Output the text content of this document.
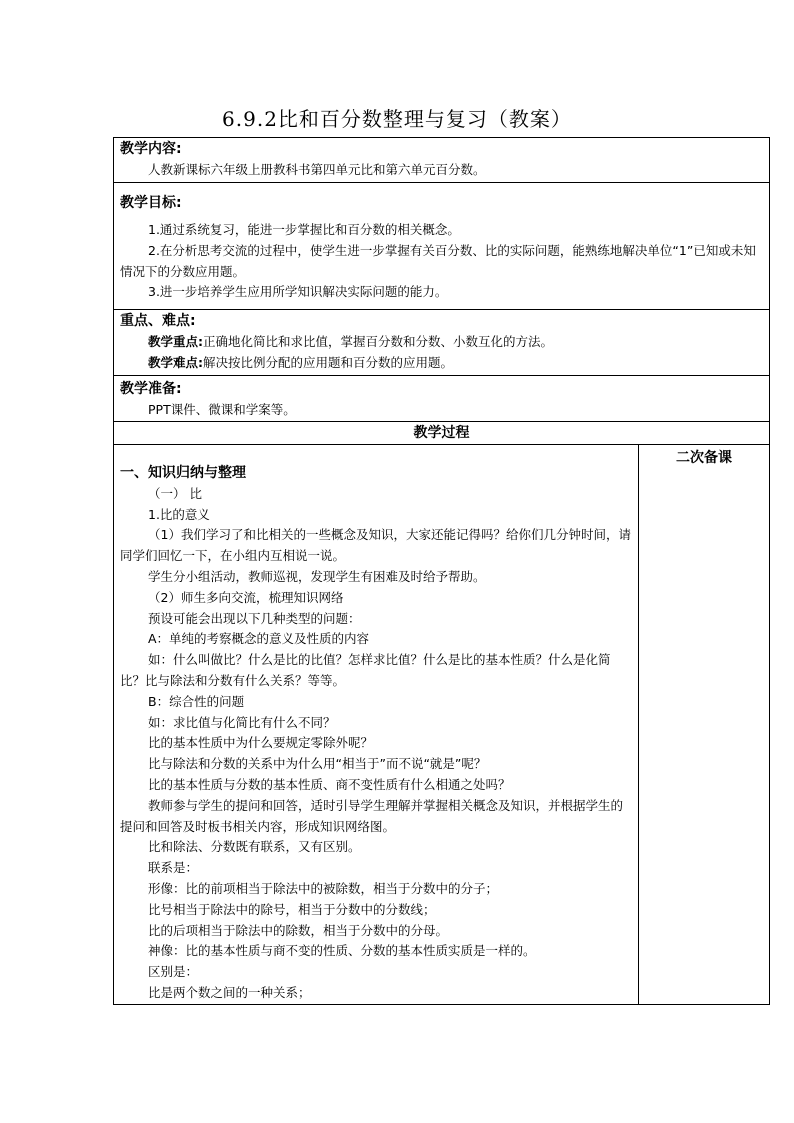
6.9.2比和百分数整理与复习（教案）
教学内容:
人教新课标六年级上册教科书第四单元比和第六单元百分数。

教学目标:

1.通过系统复习，能进一步掌握比和百分数的相关概念。

2.在分析思考交流的过程中，使学生进一步掌握有关百分数、比的实际问题，能熟练地解决单位“1”已知或未知情况下的分数应用题。

3.进一步培养学生应用所学知识解决实际问题的能力。

重点、难点:
教学重点:正确地化简比和求比值，掌握百分数和分数、小数互化的方法。
教学难点:解决按比例分配的应用题和百分数的应用题。

教学准备:
PPT课件、微课和学案等。

教学过程

一、知识归纳与整理
（一） 比

1.比的意义

（1）我们学习了和比相关的一些概念及知识，大家还能记得吗？给你们几分钟时间，请同学们回忆一下，在小组内互相说一说。

学生分小组活动，教师巡视，发现学生有困难及时给予帮助。

（2）师生多向交流，梳理知识网络

预设可能会出现以下几种类型的问题：

A：单纯的考察概念的意义及性质的内容

如：什么叫做比？什么是比的比值？怎样求比值？什么是比的基本性质？什么是化简比？比与除法和分数有什么关系？等等。

B：综合性的问题

如：求比值与化简比有什么不同？

比的基本性质中为什么要规定零除外呢？

比与除法和分数的关系中为什么用“相当于”而不说“就是”呢？

比的基本性质与分数的基本性质、商不变性质有什么相通之处吗？

教师参与学生的提问和回答，适时引导学生理解并掌握相关概念及知识，并根据学生的提问和回答及时板书相关内容，形成知识网络图。

比和除法、分数既有联系，又有区别。

联系是：

形像：比的前项相当于除法中的被除数，相当于分数中的分子；

比号相当于除法中的除号，相当于分数中的分数线；

比的后项相当于除法中的除数，相当于分数中的分母。

神像：比的基本性质与商不变的性质、分数的基本性质实质是一样的。

区别是：

比是两个数之间的一种关系；

二次备课
